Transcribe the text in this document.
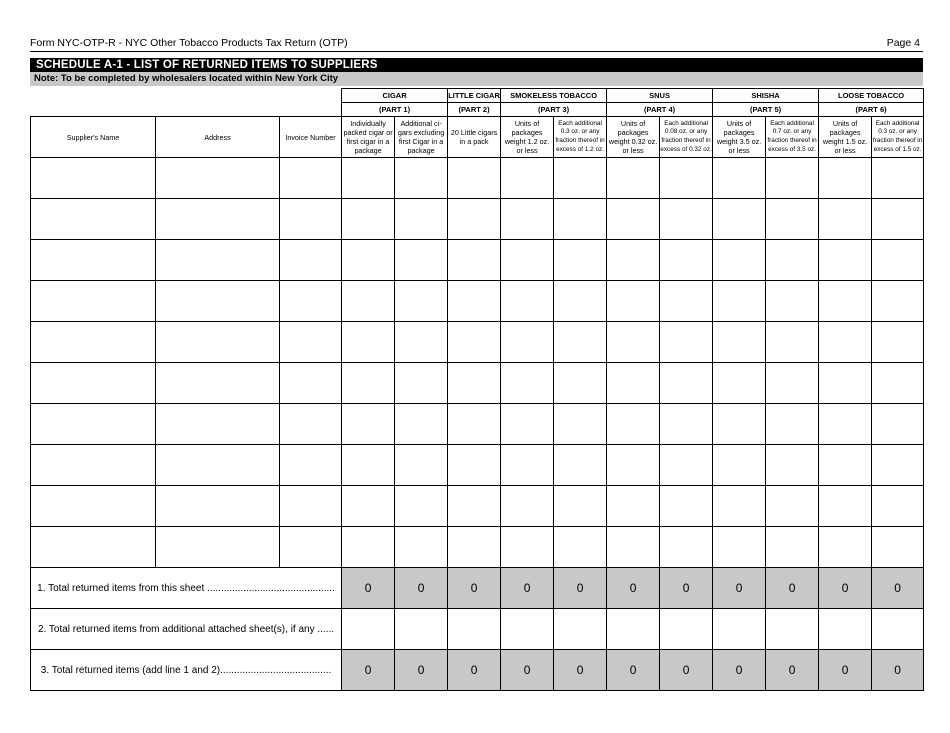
Form NYC-OTP-R - NYC Other Tobacco Products Tax Return (OTP)	Page 4
SCHEDULE A-1 - LIST OF RETURNED ITEMS TO SUPPLIERS
Note: To be completed by wholesalers located within New York City
			CIGAR		LITTLE CIGAR	SMOKELESS TOBACCO		SNUS		SHISHA		LOOSE TOBACCO	
			(PART 1)		(PART 2)	(PART 3)		(PART 4)		(PART 5)		(PART 6)	
Supplier's Name	Address	Invoice Number	Individually packed cigar or first cigar in a package	Additional ci-gars excluding first Cigar in a package	20 Little cigars in a pack	Units of packages weight 1.2 oz. or less	Each additional 0.3 oz. or any fraction thereof in excess of 1.2 oz.	Units of packages weight 0.32 oz. or less	Each additional 0.08 oz. or any fraction thereof in excess of 0.32 oz.	Units of packages weight 3.5 oz. or less	Each additional 0.7 oz. or any fraction thereof in excess of 3.5 oz.	Units of packages weight 1.5 oz. or less	Each additional 0.3 oz. or any fraction thereof in excess of 1.5 oz.

1. Total returned items from this sheet ..............................................			0	0	0	0	0	0	0	0	0	0	0
2. Total returned items from additional attached sheet(s), if any ......													
3. Total returned items (add line 1 and 2)........................................			0	0	0	0	0	0	0	0	0	0	0
